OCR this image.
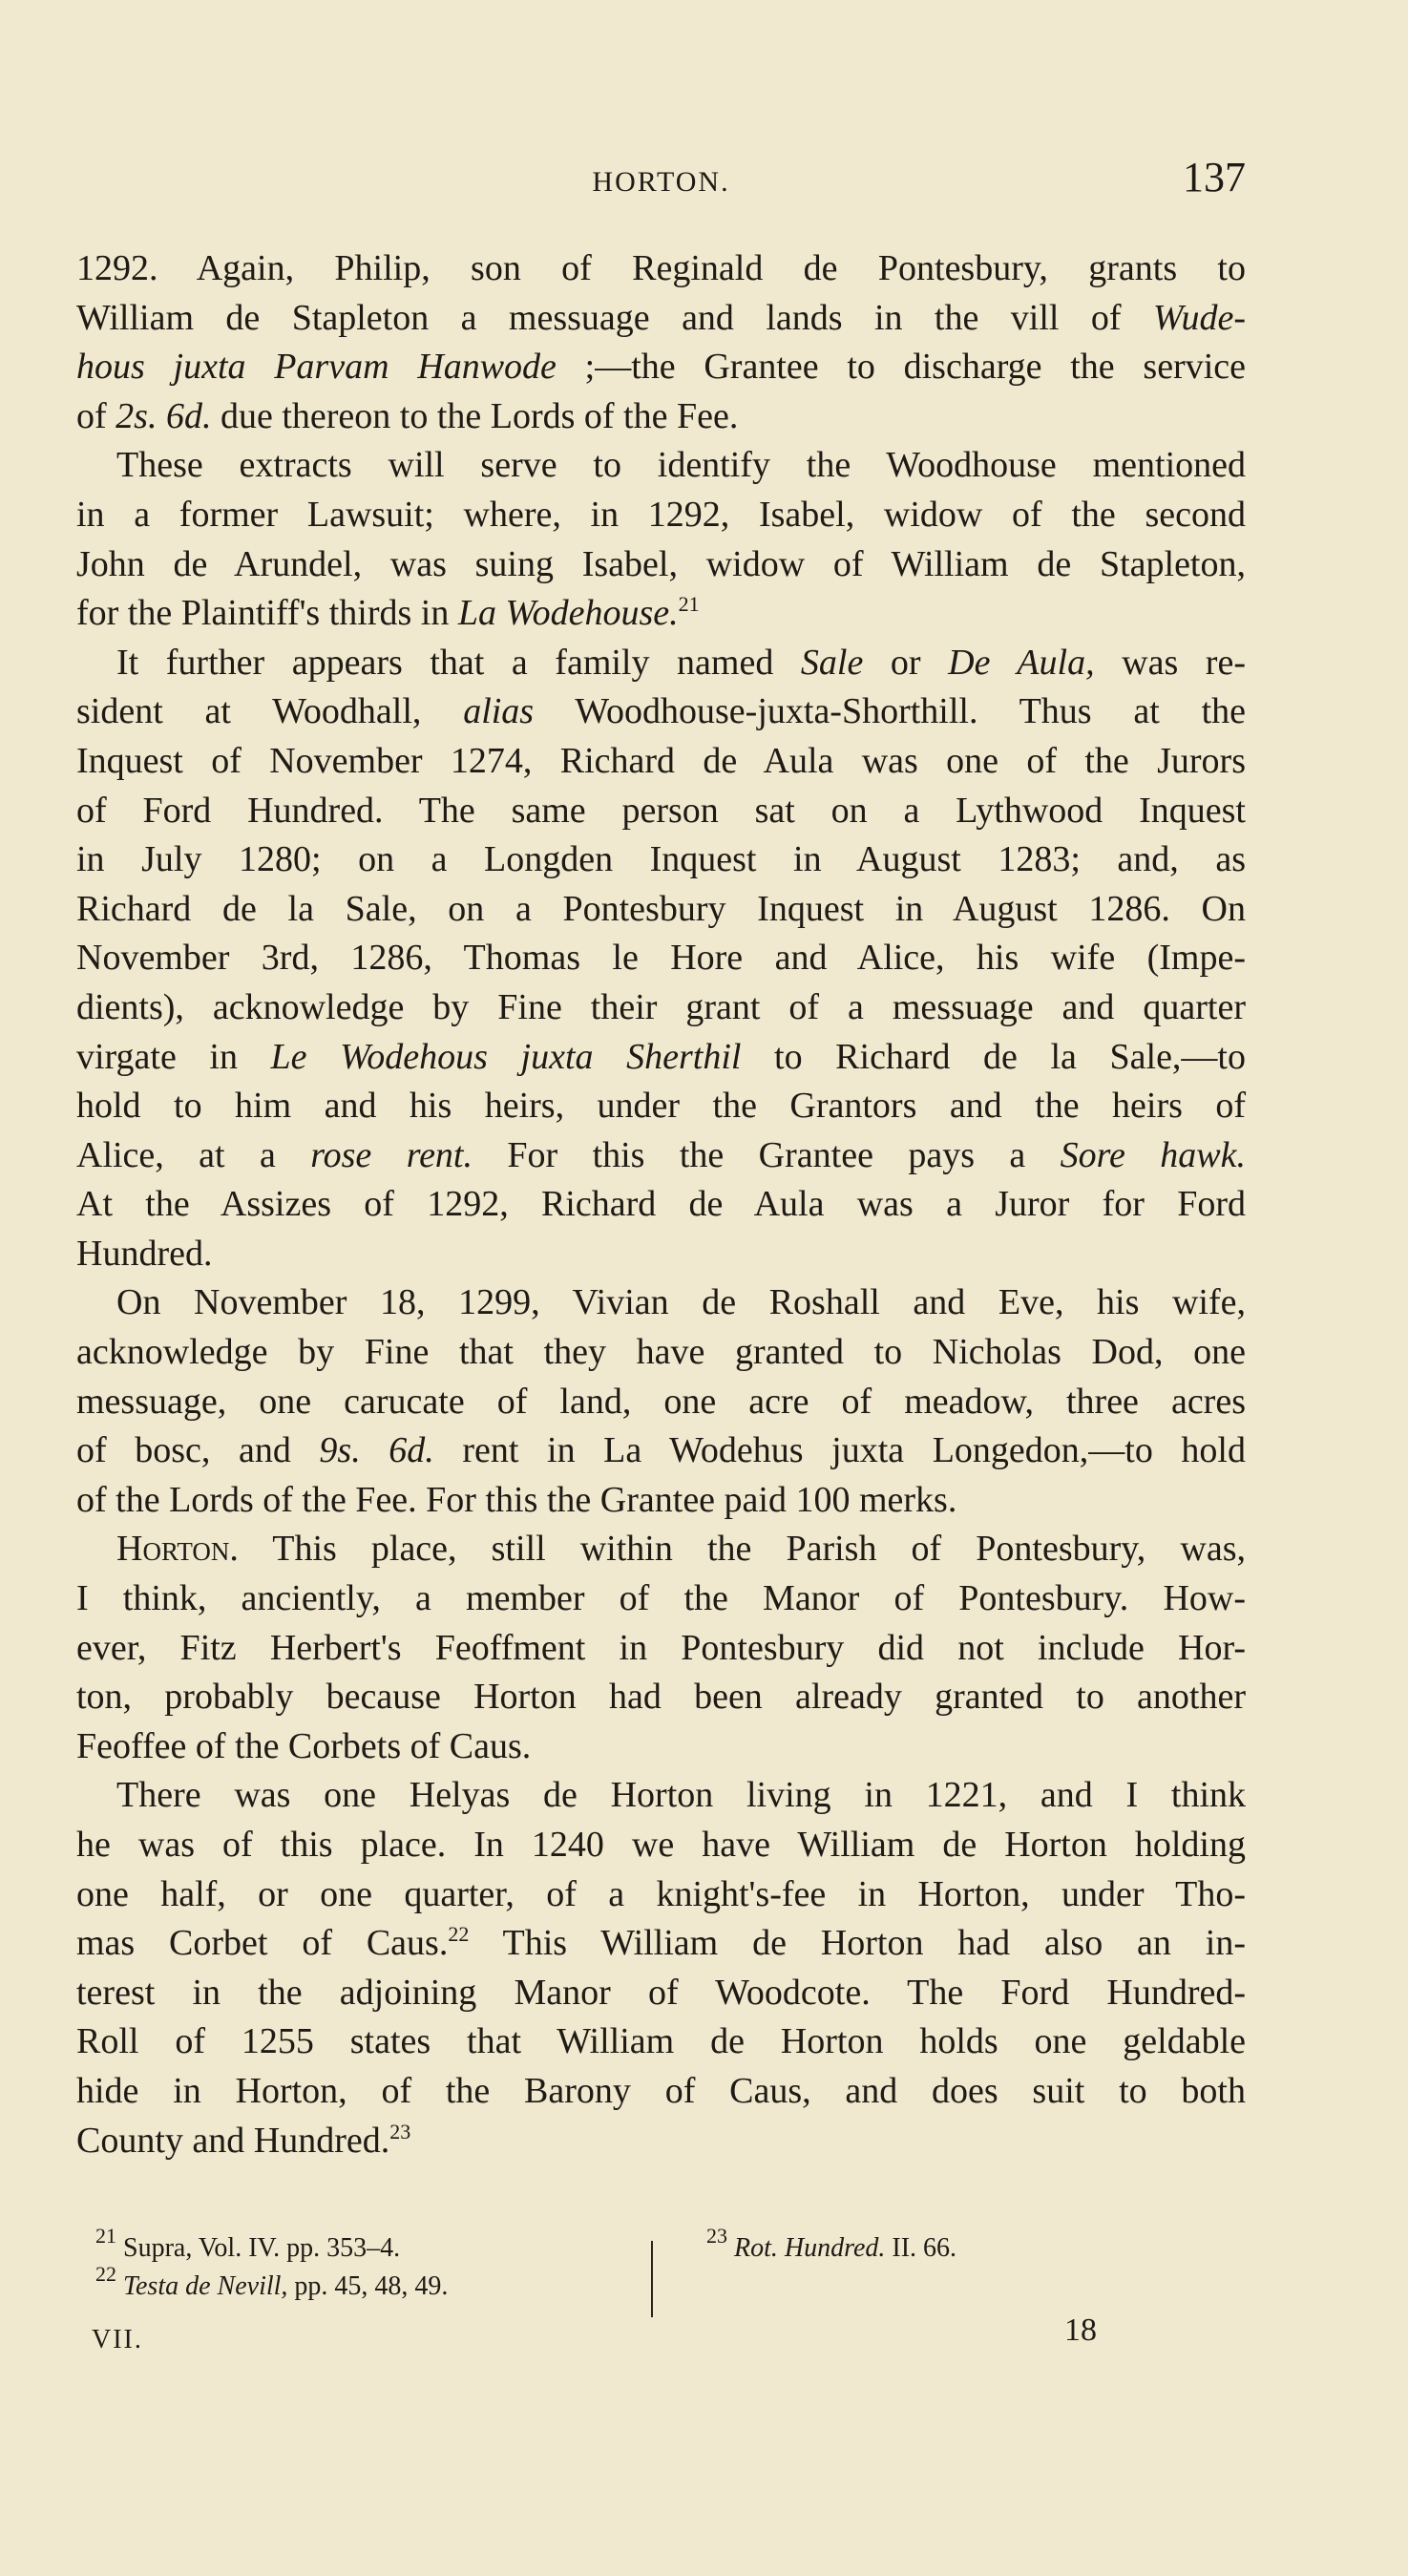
HORTON.	137
1292. Again, Philip, son of Reginald de Pontesbury, grants to
William de Stapleton a messuage and lands in the vill of Wude-
hous juxta Parvam Hanwode ;—the Grantee to discharge the service
of 2s. 6d. due thereon to the Lords of the Fee.
These extracts will serve to identify the Woodhouse mentioned
in a former Lawsuit; where, in 1292, Isabel, widow of the second
John de Arundel, was suing Isabel, widow of William de Stapleton,
for the Plaintiff's thirds in La Wodehouse.$^{21}$
It further appears that a family named Sale or De Aula, was re-
sident at Woodhall, alias Woodhouse-juxta-Shorthill. Thus at the
Inquest of November 1274, Richard de Aula was one of the Jurors
of Ford Hundred. The same person sat on a Lythwood Inquest
in July 1280; on a Longden Inquest in August 1283; and, as
Richard de la Sale, on a Pontesbury Inquest in August 1286. On
November 3rd, 1286, Thomas le Hore and Alice, his wife (Impe-
dients), acknowledge by Fine their grant of a messuage and quarter
virgate in Le Wodehous juxta Sherthil to Richard de la Sale,—to
hold to him and his heirs, under the Grantors and the heirs of
Alice, at a rose rent. For this the Grantee pays a Sore hawk.
At the Assizes of 1292, Richard de Aula was a Juror for Ford
Hundred.
On November 18, 1299, Vivian de Roshall and Eve, his wife,
acknowledge by Fine that they have granted to Nicholas Dod, one
messuage, one carucate of land, one acre of meadow, three acres
of bosc, and 9s. 6d. rent in La Wodehus juxta Longedon,—to hold
of the Lords of the Fee. For this the Grantee paid 100 merks.
Horton. This place, still within the Parish of Pontesbury, was,
I think, anciently, a member of the Manor of Pontesbury. How-
ever, Fitz Herbert's Feoffment in Pontesbury did not include Hor-
ton, probably because Horton had been already granted to another
Feoffee of the Corbets of Caus.
There was one Helyas de Horton living in 1221, and I think
he was of this place. In 1240 we have William de Horton holding
one half, or one quarter, of a knight's-fee in Horton, under Tho-
mas Corbet of Caus.$^{22}$ This William de Horton had also an in-
terest in the adjoining Manor of Woodcote. The Ford Hundred-
Roll of 1255 states that William de Horton holds one geldable
hide in Horton, of the Barony of Caus, and does suit to both
County and Hundred.$^{23}$
$^{21}$ Supra, Vol. IV. pp. 353–4.
$^{22}$ Testa de Nevill, pp. 45, 48, 49.
$^{23}$ Rot. Hundred. II. 66.
VII.	18
